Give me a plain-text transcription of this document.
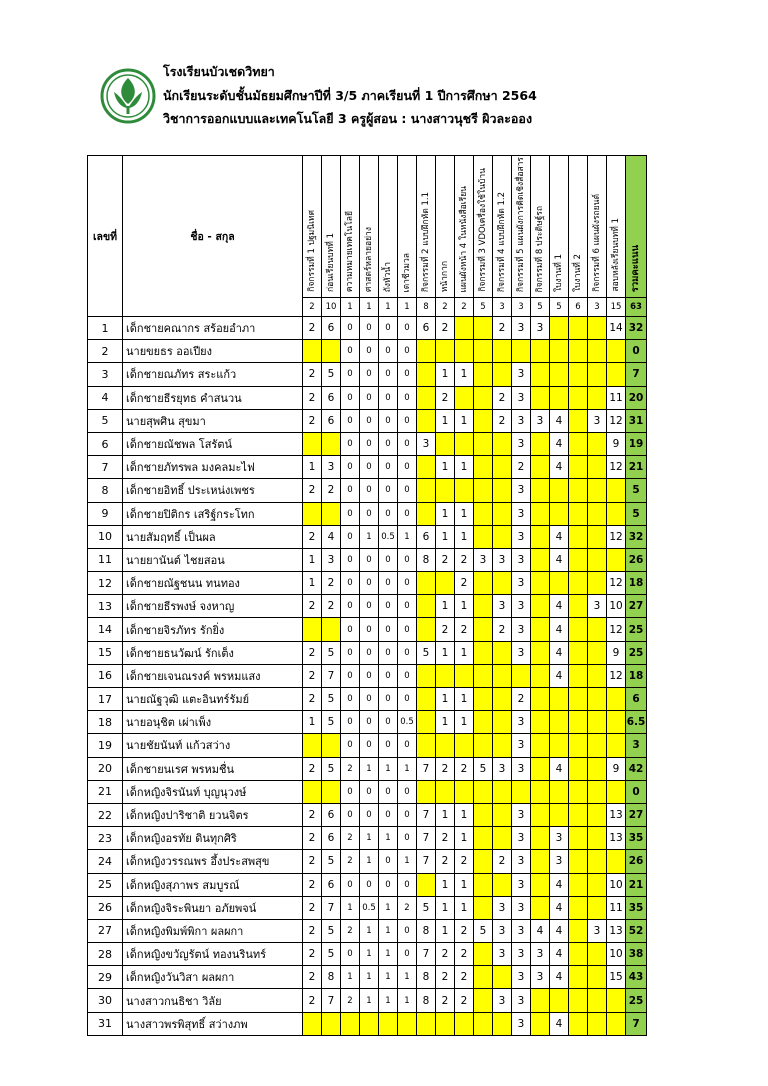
โรงเรียนบัวเชดวิทยา
นักเรียนระดับชั้นมัธยมศึกษาปีที่ 3/5 ภาคเรียนที่ 1 ปีการศึกษา 2564
วิชาการออกแบบและเทคโนโลยี 3 ครูผู้สอน : นางสาวนุชรี ผิวละออง
เลขที่	ชื่อ - สกุล	กิจกรรมที่ 1 ปฐมนิเทศ	ก่อนเรียนบทที่ 1	ความหมายเทคโนโลยี	ศาสตร์หลายอย่าง	ถังหัวน้ำ	เตาชีวมวล	กิจกรรมที่ 2 แบบฝึกหัด 1.1	หน้ากาก	แผนผังหน้า 4 ในหนังสือเรียน	กิจกรรมที่ 3 VDOเครื่องใช้ในบ้าน	กิจกรรมที่ 4 แบบฝึกหัด 1.2	กิจกรรมที่ 5 แผนผังการคิดเชิงสื่อสาร	กิจกรรมที่ 8 ประดิษฐ์รถ	ใบงานที่ 1	ใบงานที่ 2	กิจกรรมที่ 6 แผนผังรถยนต์	สอบหลังเรียนบทที่ 1	รวมคะแนน
		2	10	1	1	1	1	8	2	2	5	3	3	5	5	6	3	15	63
1	เด็กชายคณากร สร้อยอำภา	2	6	0	0	0	0	6	2			2	3	3				14	32
2	นายขยธร ออเปียง			0	0	0	0												0
3	เด็กชายณภัทร สระแก้ว	2	5	0	0	0	0		1	1			3						7
4	เด็กชายธีรยุทธ คำสนวน	2	6	0	0	0	0		2			2	3					11	20
5	นายสุพศิน สุขมา	2	6	0	0	0	0		1	1		2	3	3	4		3	12	31
6	เด็กชายณัชพล โสรัตน์			0	0	0	0	3					3		4			9	19
7	เด็กชายภัทรพล มงคลมะไฟ	1	3	0	0	0	0		1	1			2		4			12	21
8	เด็กชายอิทธิ์ ประเหน่งเพชร	2	2	0	0	0	0						3						5
9	เด็กชายปิติกร เสริฐ์กระโทก			0	0	0	0		1	1			3						5
10	นายสัมฤทธิ์ เป็นผล	2	4	0	1	0.5	1	6	1	1			3		4			12	32
11	นายยานันต์ ไชยสอน	1	3	0	0	0	0	8	2	2	3	3	3		4				26
12	เด็กชายณัฐชนน ทนทอง	1	2	0	0	0	0			2			3					12	18
13	เด็กชายธีรพงษ์ จงหาญ	2	2	0	0	0	0		1	1		3	3		4		3	10	27
14	เด็กชายจิรภัทร รักยิ่ง			0	0	0	0		2	2		2	3		4			12	25
15	เด็กชายธนวัฒน์ รักเต็ง	2	5	0	0	0	0	5	1	1			3		4			9	25
16	เด็กชายเจนณรงค์ พรหมแสง	2	7	0	0	0	0								4			12	18
17	นายณัฐวุฒิ แตะอินทร์รัมย์	2	5	0	0	0	0		1	1			2						6
18	นายอนุชิต เผ่าเพ็ง	1	5	0	0	0	0.5		1	1			3						6.5
19	นายชัยนันท์ แก้วสว่าง			0	0	0	0						3						3
20	เด็กชายนเรศ พรหมชื่น	2	5	2	1	1	1	7	2	2	5	3	3		4			9	42
21	เด็กหญิงจิรนันท์ บุญนุวงษ์			0	0	0	0												0
22	เด็กหญิงปาริชาติ ยวนจิตร	2	6	0	0	0	0	7	1	1			3					13	27
23	เด็กหญิงอรทัย ดินทุกศิริ	2	6	2	1	1	0	7	2	1			3		3			13	35
24	เด็กหญิงวรรณพร อึ้งประสพสุข	2	5	2	1	0	1	7	2	2		2	3		3				26
25	เด็กหญิงสุภาพร สมบูรณ์	2	6	0	0	0	0		1	1			3		4			10	21
26	เด็กหญิงจิระพินยา อภัยพจน์	2	7	1	0.5	1	2	5	1	1		3	3		4			11	35
27	เด็กหญิงพิมพ์พิกา ผลผกา	2	5	2	1	1	0	8	1	2	5	3	3	4	4		3	13	52
28	เด็กหญิงขวัญรัตน์ ทองนรินทร์	2	5	0	1	1	0	7	2	2		3	3	3	4			10	38
29	เด็กหญิงวันวิสา ผลผกา	2	8	1	1	1	1	8	2	2			3	3	4			15	43
30	นางสาวกนธิชา วิลัย	2	7	2	1	1	1	8	2	2		3	3						25
31	นางสาวพรพิสุทธิ์ สว่างภพ												3		4				7
